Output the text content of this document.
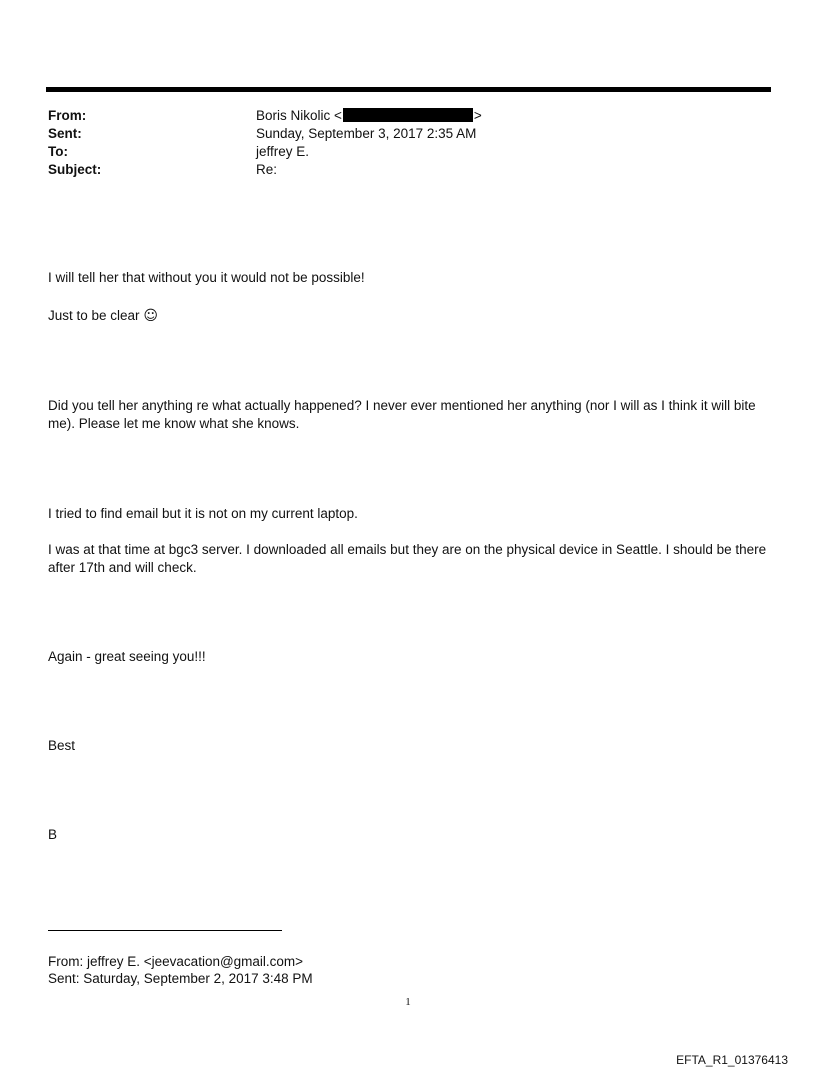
From:	Boris Nikolic <	>
Sent:	Sunday, September 3, 2017 2:35 AM
To:	jeffrey E.
Subject:	Re:
I will tell her that without you it would not be possible!
Just to be clear ☺
Did you tell her anything re what actually happened? I never ever mentioned her anything (nor I will as I think it will bite me). Please let me know what she knows.
I tried to find email but it is not on my current laptop.
I was at that time at bgc3 server. I downloaded all emails but they are on the physical device in Seattle. I should be there after 17th and will check.
Again - great seeing you!!!
Best
B
From: jeffrey E. <jeevacation@gmail.com>
Sent: Saturday, September 2, 2017 3:48 PM
1
EFTA_R1_01376413
